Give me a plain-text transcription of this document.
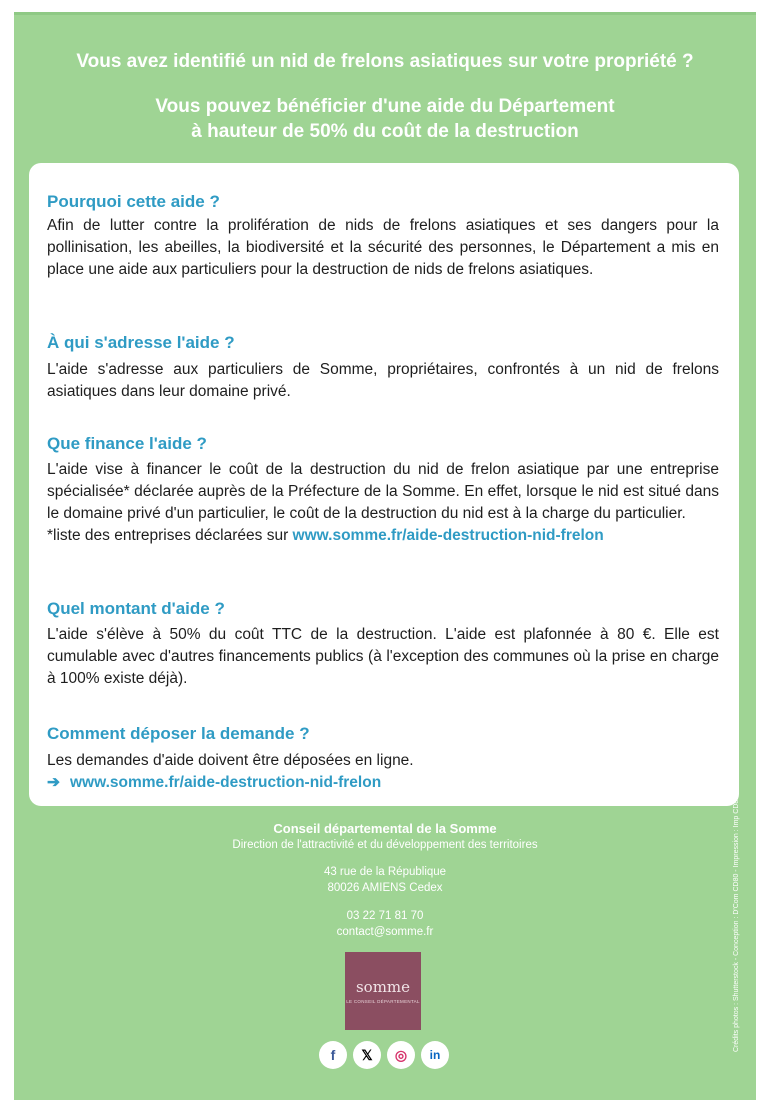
Vous avez identifié un nid de frelons asiatiques sur votre propriété ?
Vous pouvez bénéficier d'une aide du Département
à hauteur de 50% du coût de la destruction
Pourquoi cette aide ?
Afin de lutter contre la prolifération de nids de frelons asiatiques et ses dangers pour la pollinisation, les abeilles, la biodiversité et la sécurité des personnes, le Département a mis en place une aide aux particuliers pour la destruction de nids de frelons asiatiques.
À qui s'adresse l'aide ?
L'aide s'adresse aux particuliers de Somme, propriétaires, confrontés à un nid de frelons asiatiques dans leur domaine privé.
Que finance l'aide ?
L'aide vise à financer le coût de la destruction du nid de frelon asiatique par une entreprise spécialisée* déclarée auprès de la Préfecture de la Somme. En effet, lorsque le nid est situé dans le domaine privé d'un particulier, le coût de la destruction du nid est à la charge du particulier.
*liste des entreprises déclarées sur www.somme.fr/aide-destruction-nid-frelon
Quel montant d'aide ?
L'aide s'élève à 50% du coût TTC de la destruction. L'aide est plafonnée à 80 €. Elle est cumulable avec d'autres financements publics (à l'exception des communes où la prise en charge à 100% existe déjà).
Comment déposer la demande ?
Les demandes d'aide doivent être déposées en ligne.
➔ www.somme.fr/aide-destruction-nid-frelon
Conseil départemental de la Somme
Direction de l'attractivité et du développement des territoires
43 rue de la République
80026 AMIENS Cedex
03 22 71 81 70
contact@somme.fr
somme
LE CONSEIL DÉPARTEMENTAL
f	𝕏	◎	in
Crédits photos : Shutterstock - Conception : D'Com CD80 - Impression : Imp CD80
